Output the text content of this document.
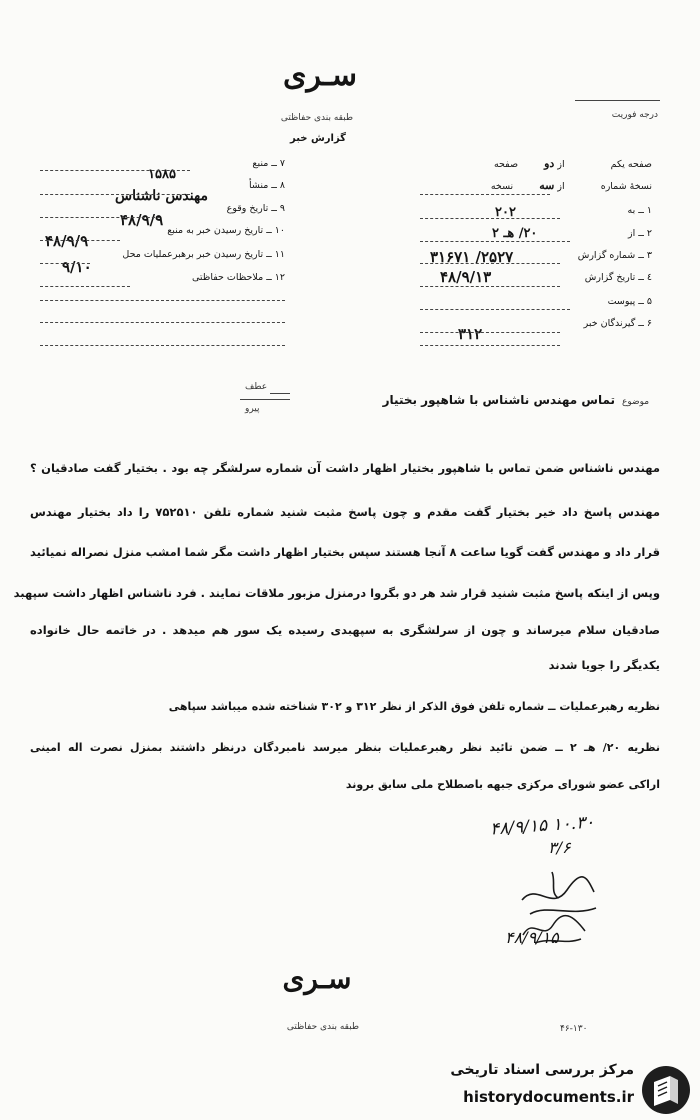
سـرى
طبقه بندی حفاظتی
گزارش خبر
درجه فوریت
صفحه یکم  از دو  صفحه
نسخۀ شماره  از سه  نسخه
۱ ــ به
۲۰۲
۲ ــ از
۲۰/ هـ ۲
۳ ــ شماره گزارش
۲۵۲۷/ ۳۱۶۷۱
٤ ــ تاریخ گزارش
۴۸/۹/۱۳
۵ ــ پیوست
۶ ــ گیرندگان خبر
۳۱۲
۷ ــ منبع
۱۵۸۵
۸ ــ منشأ
مهندس ناشناس
۹ ــ تاریخ وقوع
۴۸/۹/۹
۱۰ ــ تاریخ رسیدن خبر به منبع
۴۸/۹/۹
۱۱ ــ تاریخ رسیدن خبر برهبرعملیات محل
۹/۱۰
۱۲ ــ ملاحظات حفاظتی
عطف
پیرو
موضوع
تماس مهندس ناشناس با شاهپور بختیار
مهندس ناشناس ضمن تماس با شاهپور بختیار اظهار داشت آن شماره سرلشگر چه بود . بختیار گفت صادقیان ؟
مهندس پاسخ داد خیر بختیار گفت مقدم و چون پاسخ مثبت شنید شماره تلفن ۷۵۲۵۱۰ را داد بختیار مهندس
قرار داد و مهندس گفت گویا ساعت ۸ آنجا هستند سپس بختیار اظهار داشت مگر شما امشب منزل نصراله نمیائید
وپس از اینکه پاسخ مثبت شنید قرار شد هر دو بگروا درمنزل مزبور ملاقات نمایند . فرد ناشناس اظهار داشت سپهبد
صادقیان سلام میرساند و چون از سرلشگری به سپهبدی رسیده یک سور هم میدهد . در خاتمه حال خانواده
یکدیگر را جویا شدند
نظریه رهبرعملیات ــ شماره تلفن فوق الذکر از نظر ۳۱۲ و ۳۰۲ شناخته شده میباشد سپاهی
نظریه ۲۰/ هـ ۲ ــ ضمن تائید نظر رهبرعملیات بنظر میرسد نامبردگان درنظر داشتند بمنزل نصرت اله امینی
اراکی عضو شورای مرکزی جبهه باصطلاح ملی سابق بروند
۱۰.۳۰ ۴۸/۹/۱۵
۳/۶
۴۸/۹/۱۵
سـرى
طبقه بندی حفاظتی	۴۶-۱۳۰
مرکز بررسی اسناد تاریخی
historydocuments.ir
